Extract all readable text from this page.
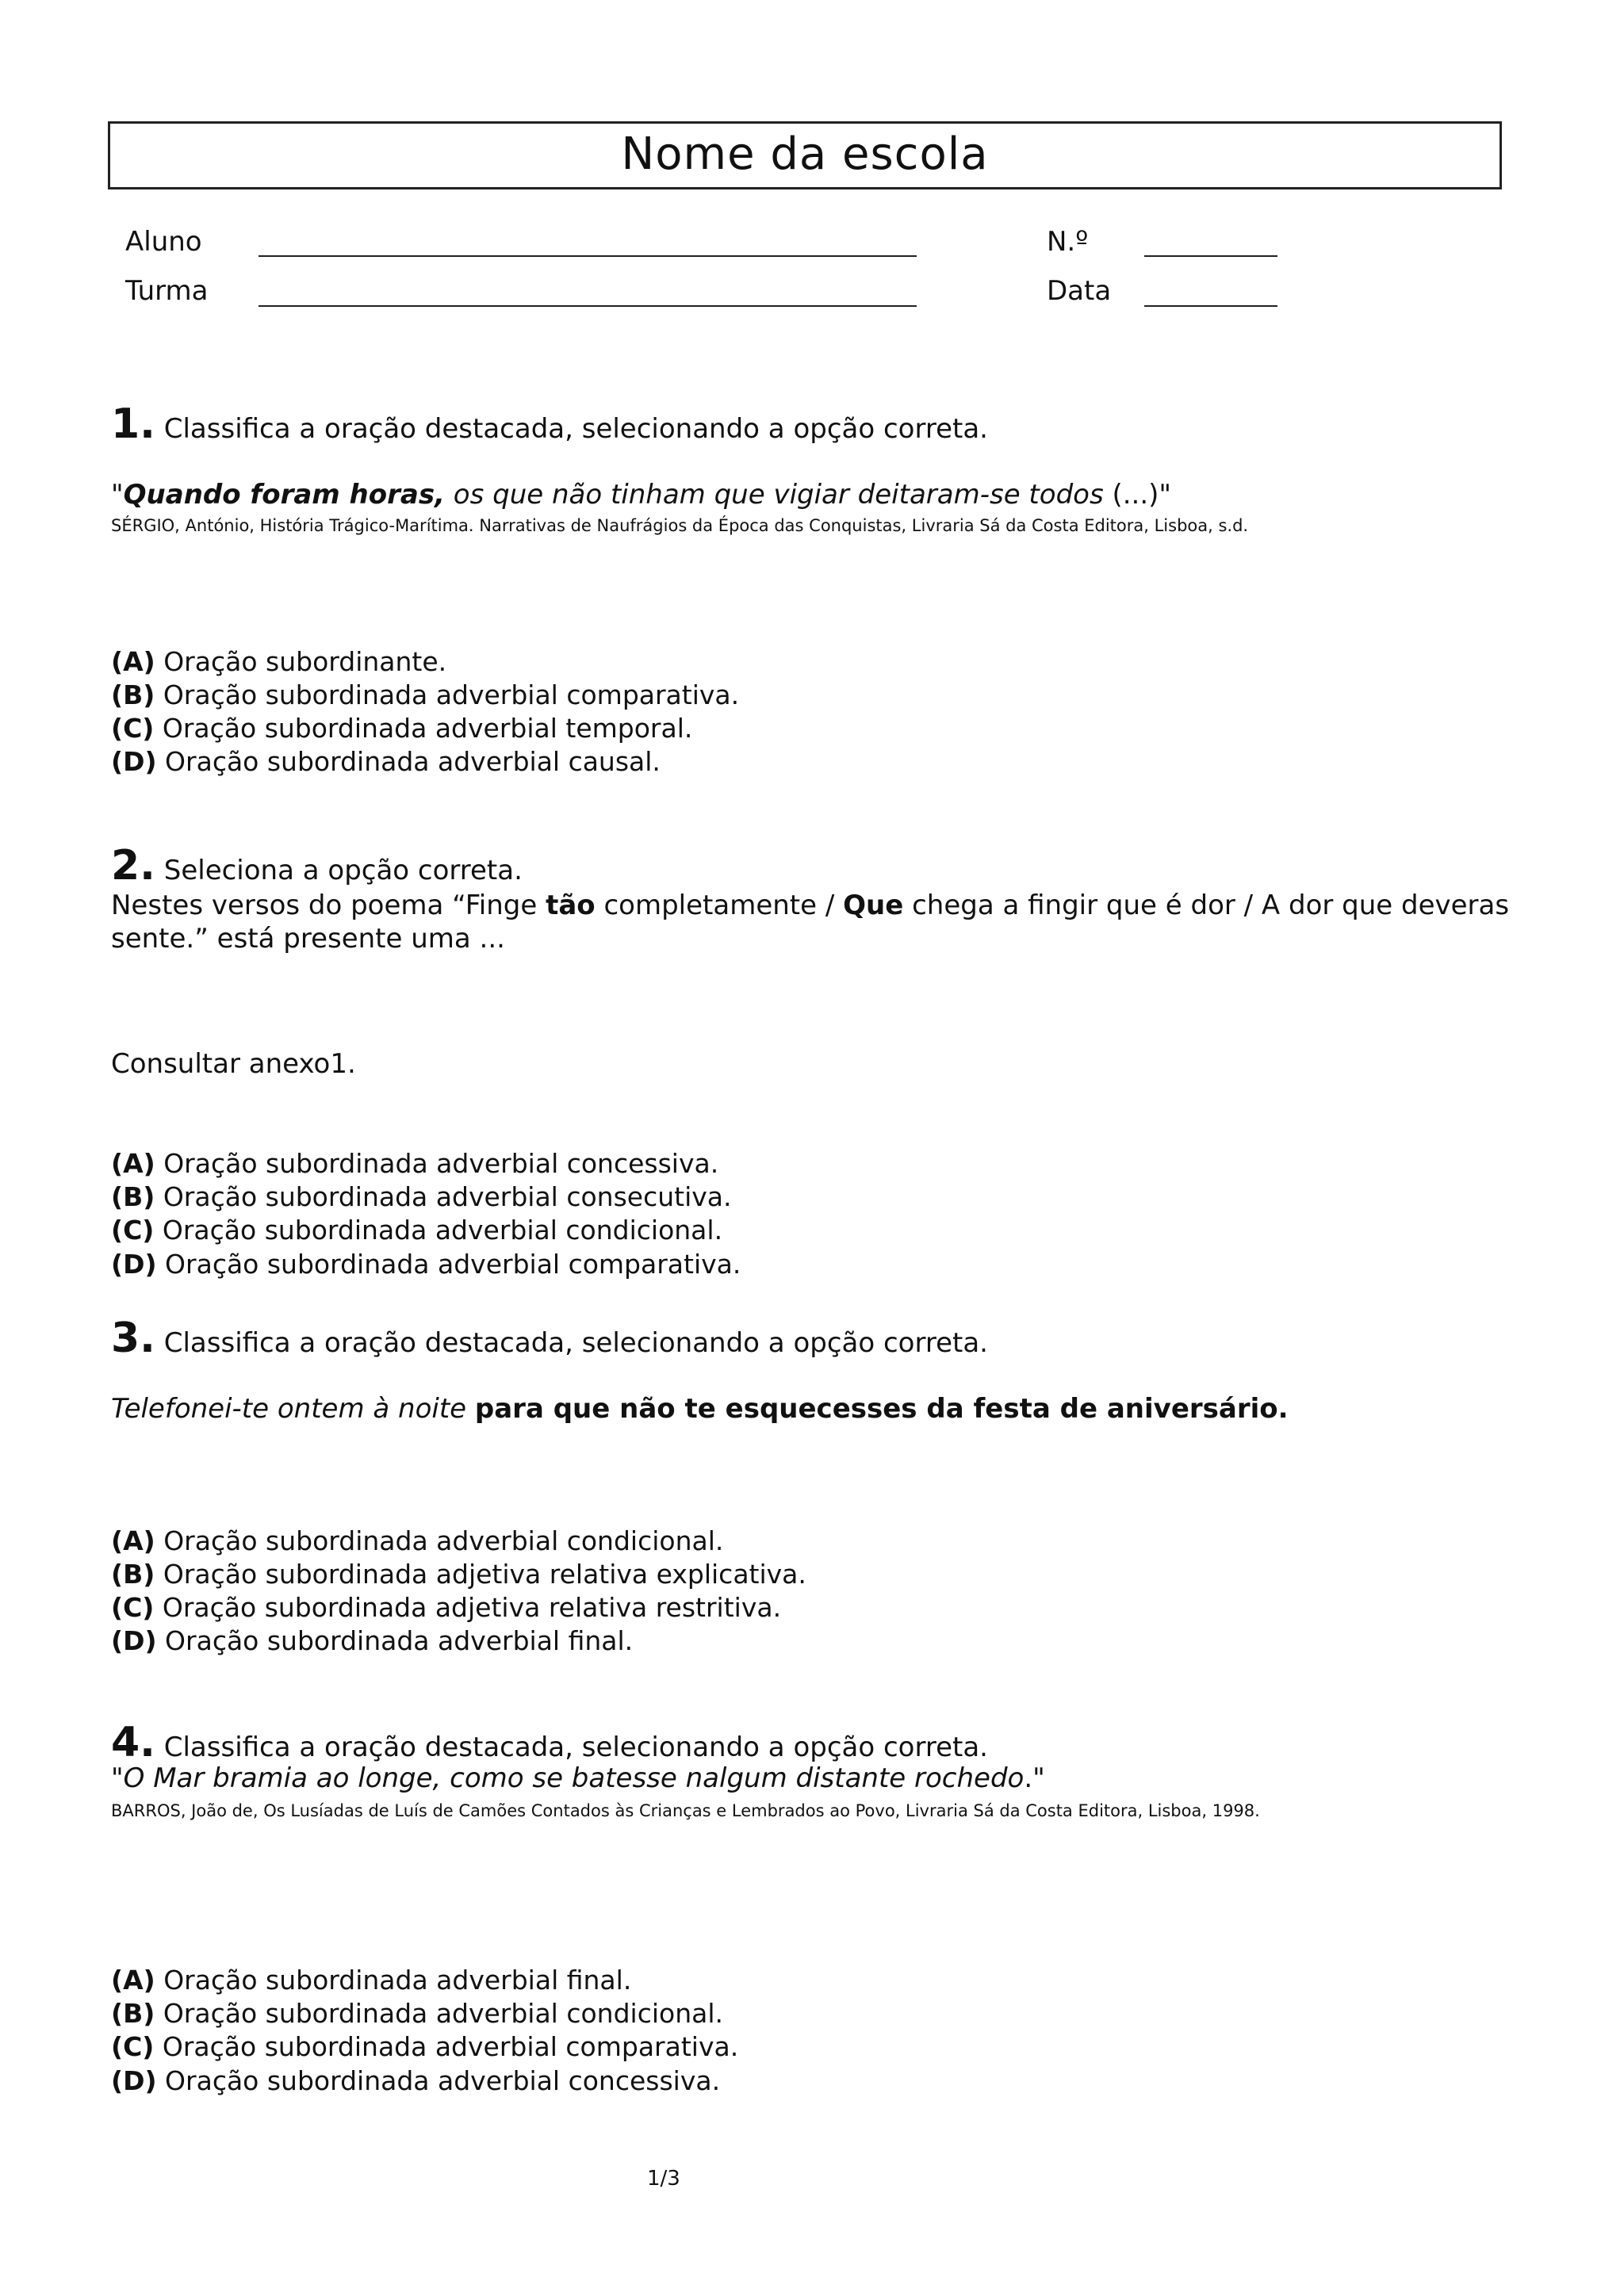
Nome da escola
Aluno	N.º
Turma	Data
1. Classifica a oração destacada, selecionando a opção correta.
"Quando foram horas, os que não tinham que vigiar deitaram-se todos (...)"
SÉRGIO, António, História Trágico-Marítima. Narrativas de Naufrágios da Época das Conquistas, Livraria Sá da Costa Editora, Lisboa, s.d.
(A) Oração subordinante.
(B) Oração subordinada adverbial comparativa.
(C) Oração subordinada adverbial temporal.
(D) Oração subordinada adverbial causal.
2. Seleciona a opção correta.
Nestes versos do poema “Finge tão completamente / Que chega a fingir que é dor / A dor que deveras
sente.” está presente uma ...
Consultar anexo1.
(A) Oração subordinada adverbial concessiva.
(B) Oração subordinada adverbial consecutiva.
(C) Oração subordinada adverbial condicional.
(D) Oração subordinada adverbial comparativa.
3. Classifica a oração destacada, selecionando a opção correta.
Telefonei-te ontem à noite para que não te esquecesses da festa de aniversário.
(A) Oração subordinada adverbial condicional.
(B) Oração subordinada adjetiva relativa explicativa.
(C) Oração subordinada adjetiva relativa restritiva.
(D) Oração subordinada adverbial final.
4. Classifica a oração destacada, selecionando a opção correta.
"O Mar bramia ao longe, como se batesse nalgum distante rochedo."
BARROS, João de, Os Lusíadas de Luís de Camões Contados às Crianças e Lembrados ao Povo, Livraria Sá da Costa Editora, Lisboa, 1998.
(A) Oração subordinada adverbial final.
(B) Oração subordinada adverbial condicional.
(C) Oração subordinada adverbial comparativa.
(D) Oração subordinada adverbial concessiva.
1/3
